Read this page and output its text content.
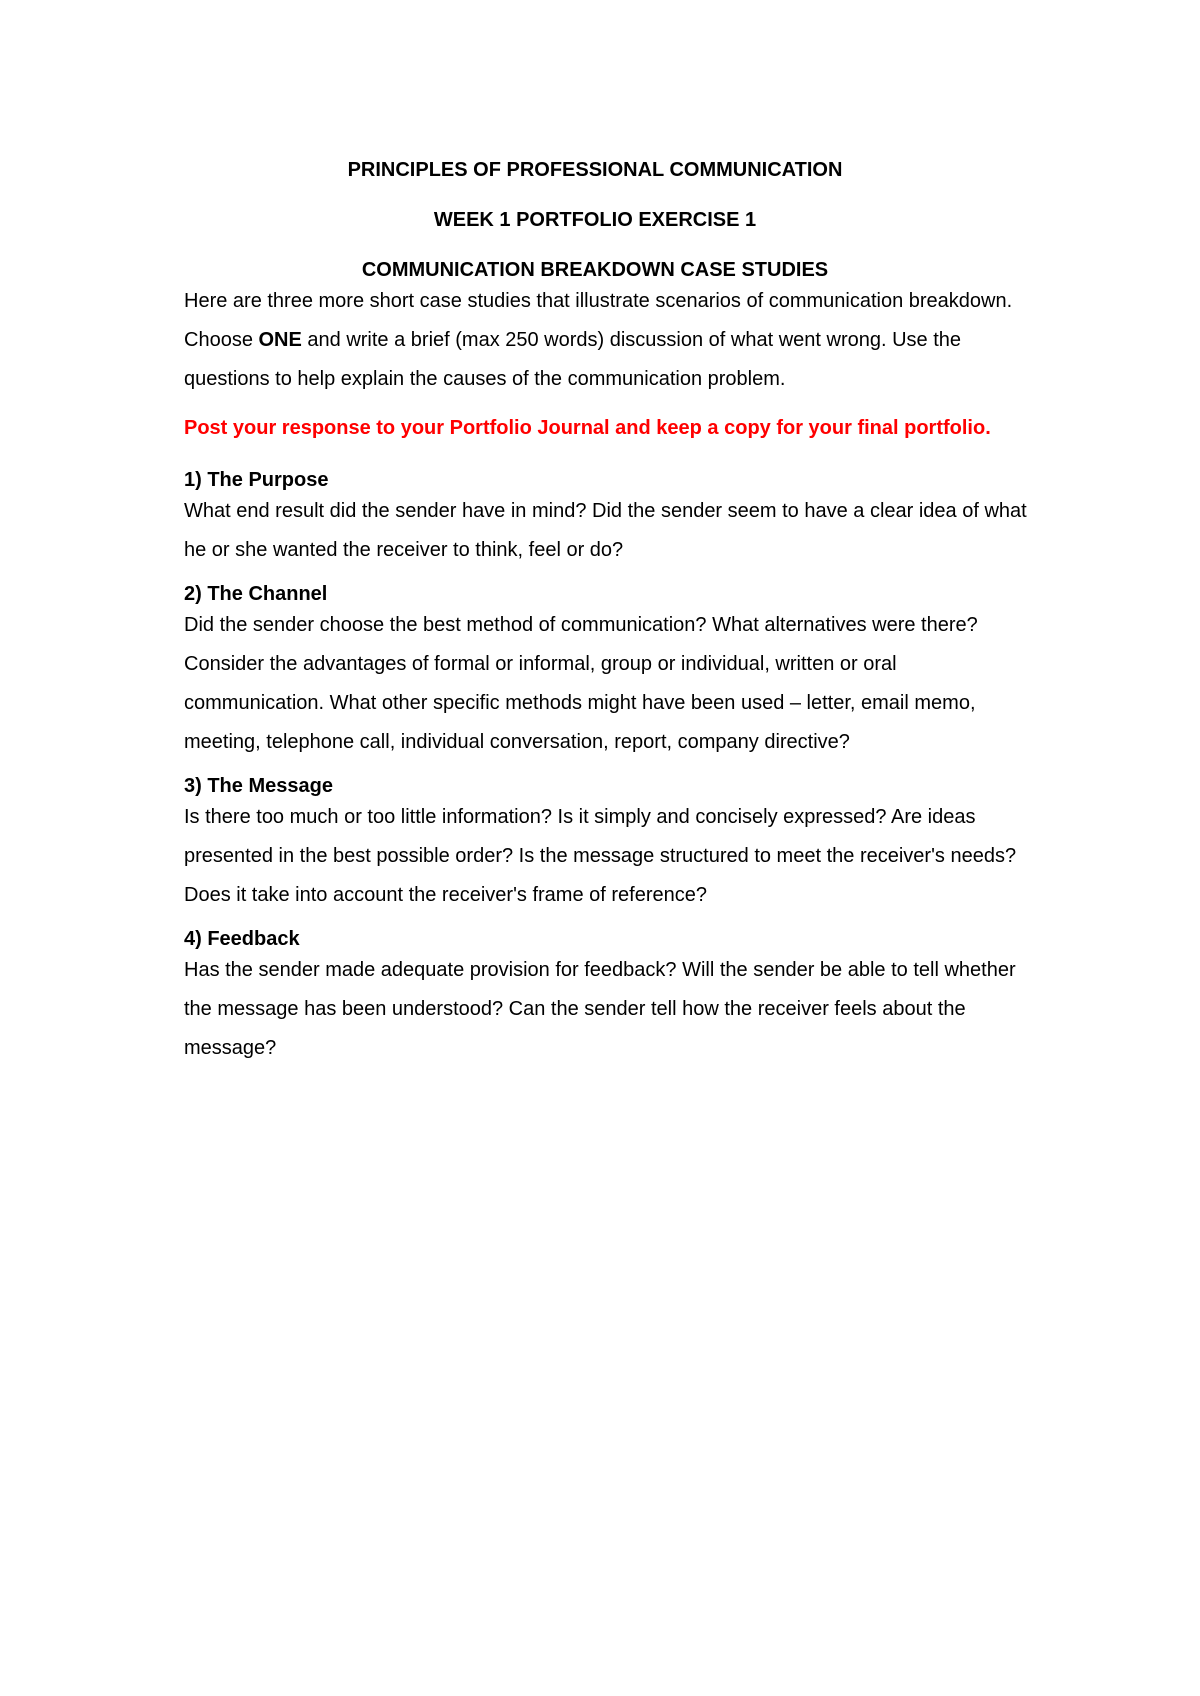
PRINCIPLES OF PROFESSIONAL COMMUNICATION

WEEK 1 PORTFOLIO EXERCISE 1

COMMUNICATION BREAKDOWN CASE STUDIES

Here are three more short case studies that illustrate scenarios of communication breakdown. Choose ONE and write a brief (max 250 words) discussion of what went wrong. Use the questions to help explain the causes of the communication problem.

Post your response to your Portfolio Journal and keep a copy for your final portfolio.

1) The Purpose

What end result did the sender have in mind? Did the sender seem to have a clear idea of what he or she wanted the receiver to think, feel or do?

2) The Channel

Did the sender choose the best method of communication? What alternatives were there? Consider the advantages of formal or informal, group or individual, written or oral communication. What other specific methods might have been used – letter, email memo, meeting, telephone call, individual conversation, report, company directive?

3) The Message

Is there too much or too little information? Is it simply and concisely expressed? Are ideas presented in the best possible order? Is the message structured to meet the receiver's needs? Does it take into account the receiver's frame of reference?

4) Feedback

Has the sender made adequate provision for feedback? Will the sender be able to tell whether the message has been understood? Can the sender tell how the receiver feels about the message?
